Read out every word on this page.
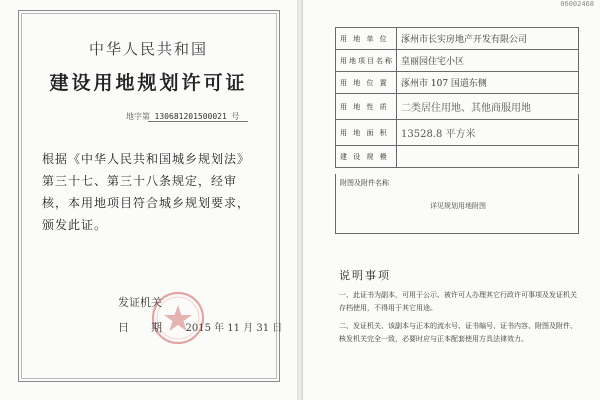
中华人民共和国
建设用地规划许可证
地字第 130681201500021 号
根据《中华人民共和国城乡规划法》第三十七、第三十八条规定，经审核，本用地项目符合城乡规划要求，颁发此证。
发证机关
日　　期 2015 年 11 月 31 日
06002468
用 地 单 位	涿州市长实房地产开发有限公司
用地项目名称	皇丽园住宅小区
用 地 位 置	涿州市 107 国道东侧
用 地 性 质	二类居住用地、其他商服用地
用 地 面 积	13528.8 平方米
建 设 规 模	
附图及附件名称
详见规划用地附图
说明事项

一、此证书为副本，可用于公示、被许可人办理其它行政许可事项及发证机关存档使用，不得用于其它用途。

二、发证机关、该副本与正本的流水号、证书编号、证书内容、附图及附件、核发机关完全一致，必要时应与正本配套使用方具法律效力。
